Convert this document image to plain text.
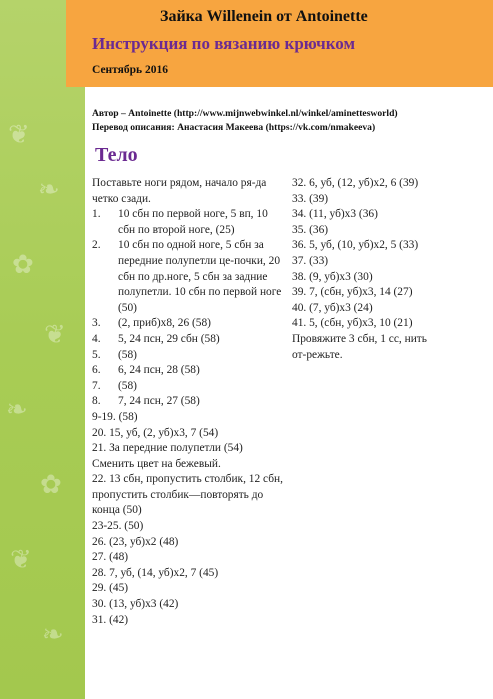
❦
❧
✿
❦
❧
✿
❦
❧
Зайка Willenein от Antoinette
Инструкция по вязанию крючком
Сентябрь 2016
Автор – Antoinette (http://www.mijnwebwinkel.nl/winkel/aminettesworld)
Перевод описания: Анастасия Макеева (https://vk.com/nmakeeva)
Тело
Поставьте ноги рядом, начало ря-да четко сзади.
1.	10 сбн по первой ноге, 5 вп, 10 сбн по второй ноге, (25)
2.	10 сбн по одной ноге, 5 сбн за передние полупетли це-почки, 20 сбн по др.ноге, 5 сбн за задние полупетли. 10 сбн по первой ноге (50)
3.	(2, приб)х8, 26 (58)
4.	5, 24 псн, 29 сбн (58)
5.	(58)
6.	6, 24 псн, 28 (58)
7.	(58)
8.	7, 24 псн, 27 (58)
9-19. (58)
20. 15, уб, (2, уб)х3, 7 (54)
21. За передние полупетли (54)
Сменить цвет на бежевый.
22. 13 сбн, пропустить столбик, 12 сбн, пропустить столбик—повторять до конца (50)
23-25. (50)
26. (23, уб)х2 (48)
27. (48)
28. 7, уб, (14, уб)х2, 7 (45)
29. (45)
30. (13, уб)х3 (42)
31. (42)
32. 6, уб, (12, уб)х2, 6 (39)
33. (39)
34. (11, уб)х3 (36)
35. (36)
36. 5, уб, (10, уб)х2, 5 (33)
37. (33)
38. (9, уб)х3 (30)
39. 7, (сбн, уб)х3, 14 (27)
40. (7, уб)х3 (24)
41. 5, (сбн, уб)х3, 10 (21)
Провяжите 3 сбн, 1 сс, нить от-режьте.
